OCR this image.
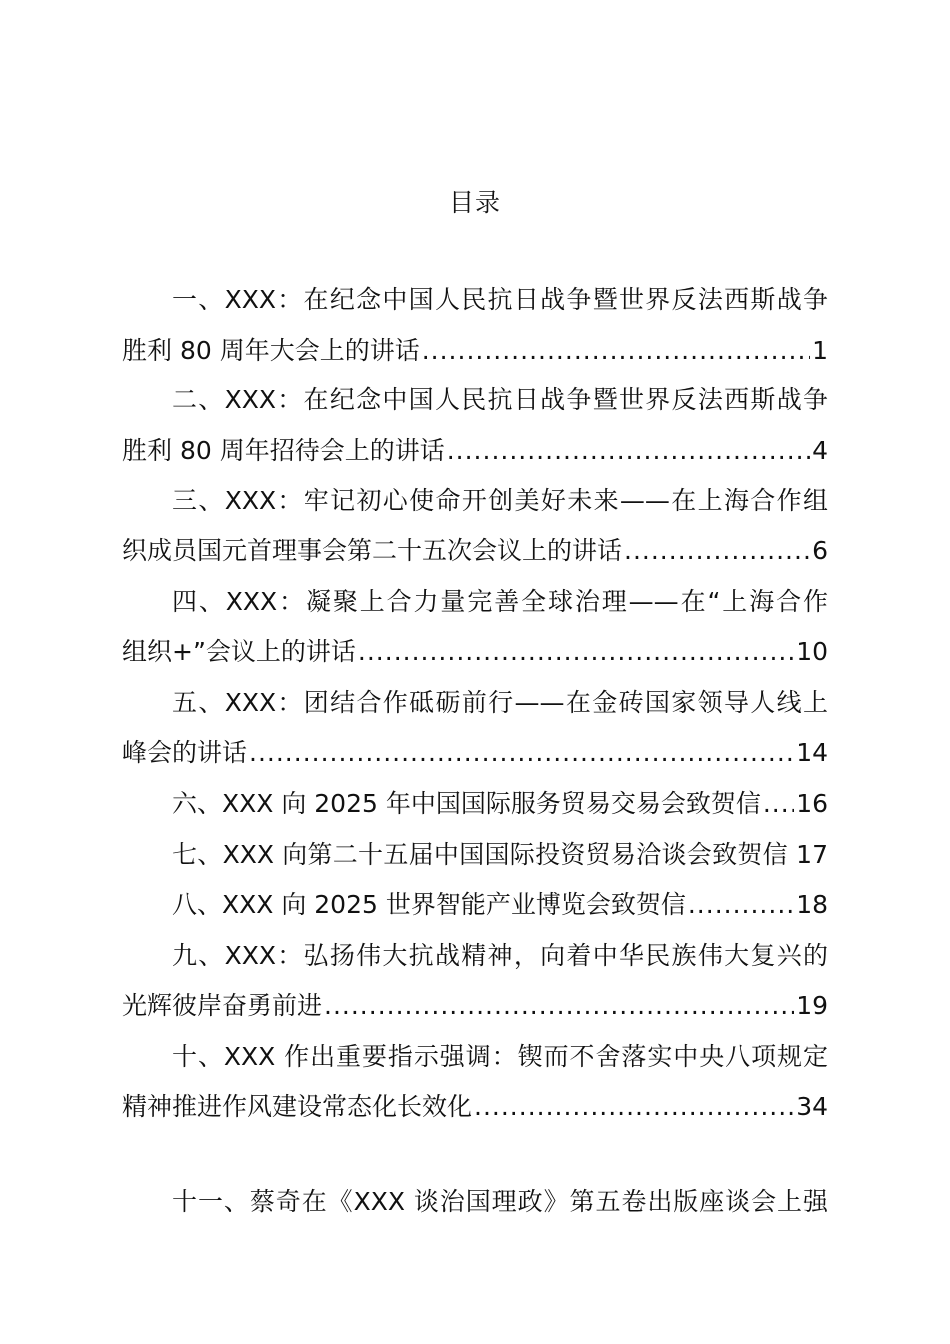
目录
一、XXX：在纪念中国人民抗日战争暨世界反法西斯战争
胜利 80 周年大会上的讲话 .....	1
二、XXX：在纪念中国人民抗日战争暨世界反法西斯战争
胜利 80 周年招待会上的讲话 .....	4
三、XXX：牢记初心使命开创美好未来——在上海合作组
织成员国元首理事会第二十五次会议上的讲话 .....	6
四、XXX：凝聚上合力量完善全球治理——在“上海合作
组织+”会议上的讲话 .....	10
五、XXX：团结合作砥砺前行——在金砖国家领导人线上
峰会的讲话 .....	14
六、XXX 向 2025 年中国国际服务贸易交易会致贺信 ..... 16
七、XXX 向第二十五届中国国际投资贸易洽谈会致贺信 17
八、XXX 向 2025 世界智能产业博览会致贺信 .....	18
九、XXX：弘扬伟大抗战精神，向着中华民族伟大复兴的
光辉彼岸奋勇前进 .....	19
十、XXX 作出重要指示强调：锲而不舍落实中央八项规定
精神推进作风建设常态化长效化 .....	34
十一、蔡奇在《XXX 谈治国理政》第五卷出版座谈会上强
